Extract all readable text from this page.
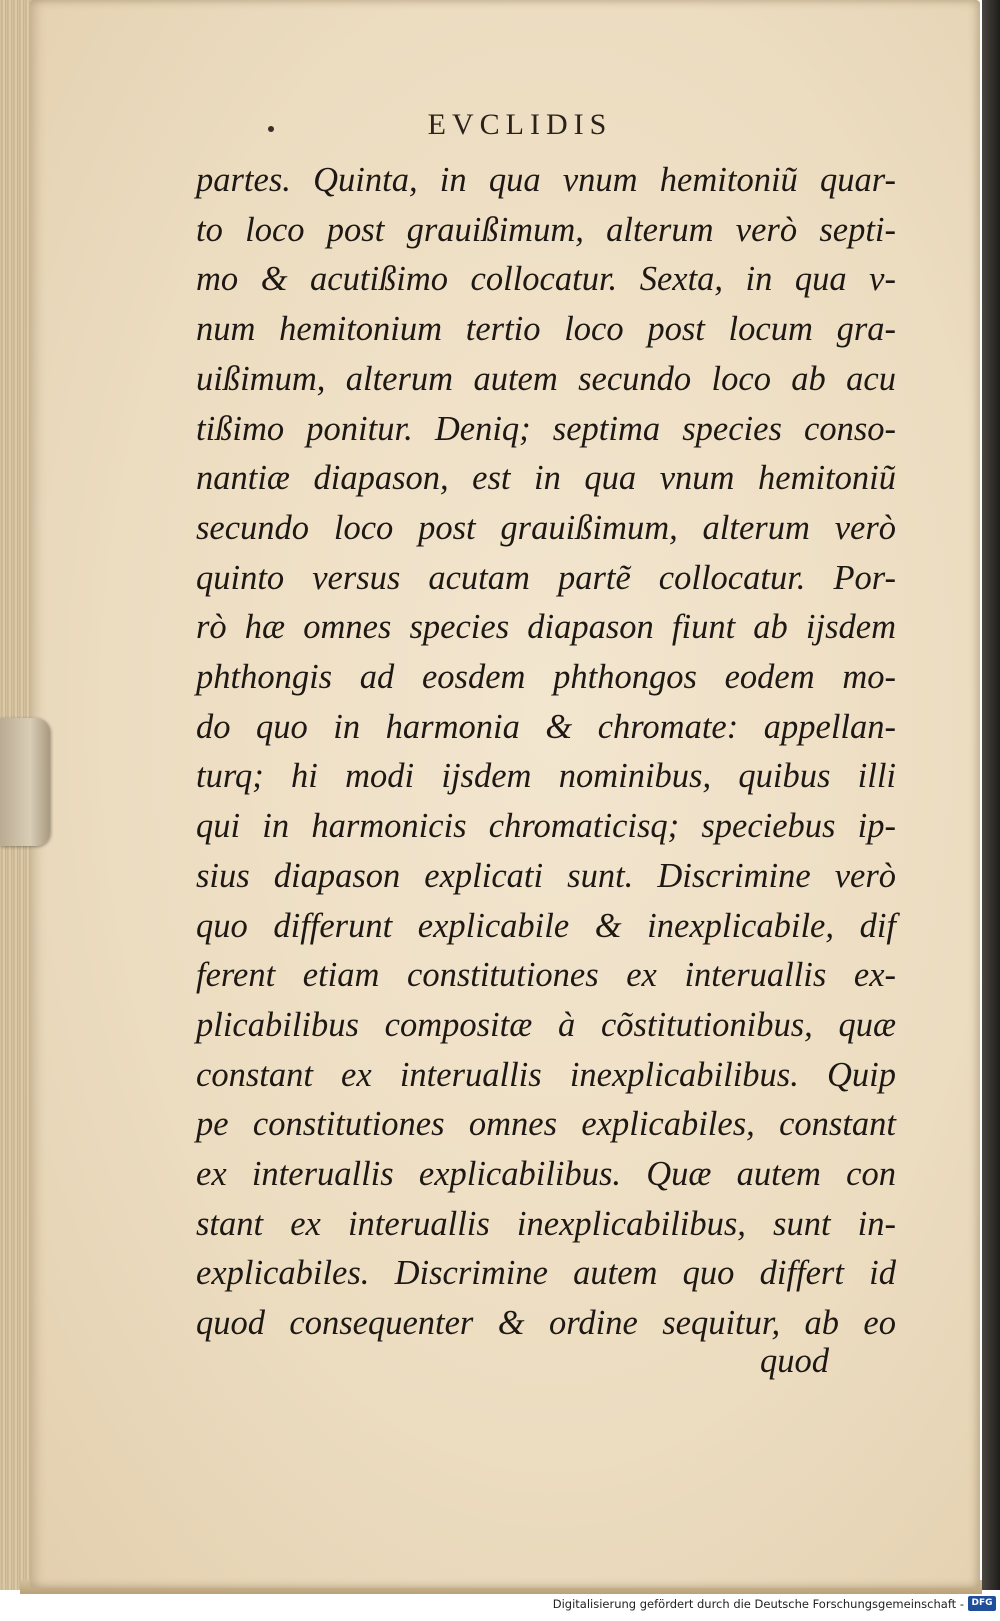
EVCLIDIS
partes. Quinta, in qua vnum hemitoniũ quar-
to loco post grauißimum, alterum verò septi-
mo & acutißimo collocatur. Sexta, in qua v-
num hemitonium tertio loco post locum gra-
uißimum, alterum autem secundo loco ab acu
tißimo ponitur. Deniq; septima species conso-
nantiæ diapason, est in qua vnum hemitoniũ
secundo loco post grauißimum, alterum verò
quinto versus acutam partẽ collocatur. Por-
rò hæ omnes species diapason fiunt ab ijsdem
phthongis ad eosdem phthongos eodem mo-
do quo in harmonia & chromate: appellan-
turq; hi modi ijsdem nominibus, quibus illi
qui in harmonicis chromaticisq; speciebus ip-
sius diapason explicati sunt. Discrimine verò
quo differunt explicabile & inexplicabile, dif
ferent etiam constitutiones ex interuallis ex-
plicabilibus compositæ à cõstitutionibus, quæ
constant ex interuallis inexplicabilibus. Quip
pe constitutiones omnes explicabiles, constant
ex interuallis explicabilibus. Quæ autem con
stant ex interuallis inexplicabilibus, sunt in-
explicabiles. Discrimine autem quo differt id
quod consequenter & ordine sequitur, ab eo
quod
Digitalisierung gefördert durch die Deutsche Forschungsgemeinschaft - DFG
